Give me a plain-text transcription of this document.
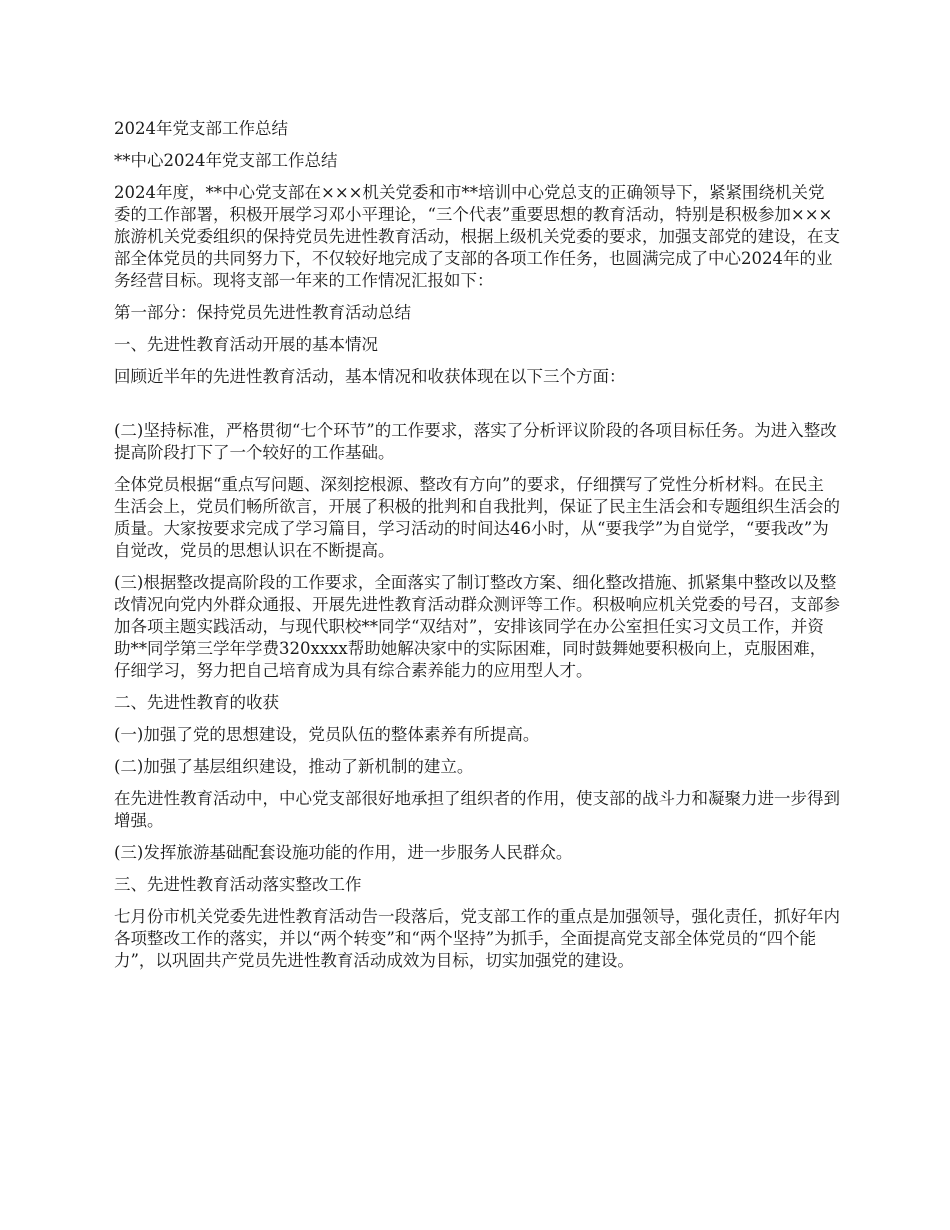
2024年党支部工作总结

**中心2024年党支部工作总结

2024年度，**中心党支部在×××机关党委和市**培训中心党总支的正确领导下，紧紧围绕机关党委的工作部署，积极开展学习邓小平理论，“三个代表”重要思想的教育活动，特别是积极参加×××旅游机关党委组织的保持党员先进性教育活动，根据上级机关党委的要求，加强支部党的建设，在支部全体党员的共同努力下，不仅较好地完成了支部的各项工作任务，也圆满完成了中心2024年的业务经营目标。现将支部一年来的工作情况汇报如下：

第一部分：保持党员先进性教育活动总结

一、先进性教育活动开展的基本情况

回顾近半年的先进性教育活动，基本情况和收获体现在以下三个方面：

(二)坚持标准，严格贯彻“七个环节”的工作要求，落实了分析评议阶段的各项目标任务。为进入整改提高阶段打下了一个较好的工作基础。

全体党员根据“重点写问题、深刻挖根源、整改有方向”的要求，仔细撰写了党性分析材料。在民主生活会上，党员们畅所欲言，开展了积极的批判和自我批判，保证了民主生活会和专题组织生活会的质量。大家按要求完成了学习篇目，学习活动的时间达46小时，从“要我学”为自觉学，“要我改”为自觉改，党员的思想认识在不断提高。

(三)根据整改提高阶段的工作要求，全面落实了制订整改方案、细化整改措施、抓紧集中整改以及整改情况向党内外群众通报、开展先进性教育活动群众测评等工作。积极响应机关党委的号召，支部参加各项主题实践活动，与现代职校**同学“双结对”，安排该同学在办公室担任实习文员工作，并资助**同学第三学年学费320xxxx帮助她解决家中的实际困难，同时鼓舞她要积极向上，克服困难，仔细学习，努力把自己培育成为具有综合素养能力的应用型人才。

二、先进性教育的收获

(一)加强了党的思想建设，党员队伍的整体素养有所提高。

(二)加强了基层组织建设，推动了新机制的建立。

在先进性教育活动中，中心党支部很好地承担了组织者的作用，使支部的战斗力和凝聚力进一步得到增强。

(三)发挥旅游基础配套设施功能的作用，进一步服务人民群众。

三、先进性教育活动落实整改工作

七月份市机关党委先进性教育活动告一段落后，党支部工作的重点是加强领导，强化责任，抓好年内各项整改工作的落实，并以“两个转变”和“两个坚持”为抓手，全面提高党支部全体党员的“四个能力”，以巩固共产党员先进性教育活动成效为目标，切实加强党的建设。
